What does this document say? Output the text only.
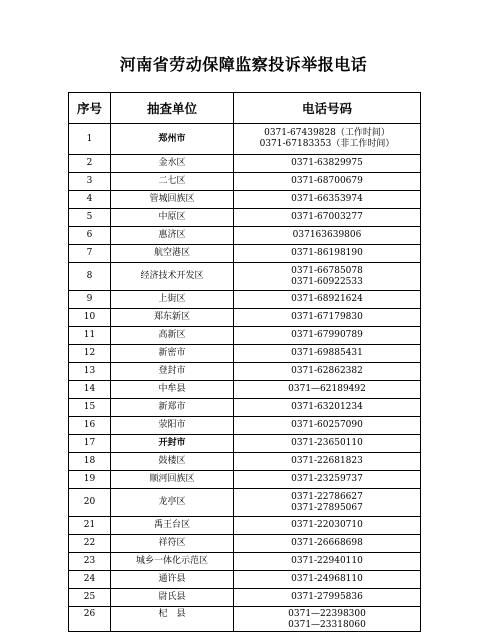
河南省劳动保障监察投诉举报电话
序号	抽查单位	电话号码
1	郑州市	0371-67439828（工作时间）
0371-67183353（非工作时间）

2	金水区	0371-63829975

3	二七区	0371-68700679

4	管城回族区	0371-66353974

5	中原区	0371-67003277

6	惠济区	037163639806

7	航空港区	0371-86198190

8	经济技术开发区	0371-66785078
0371-60922533

9	上街区	0371-68921624

10	郑东新区	0371-67179830

11	高新区	0371-67990789

12	新密市	0371-69885431

13	登封市	0371-62862382

14	中牟县	0371—62189492

15	新郑市	0371-63201234

16	荥阳市	0371-60257090

17	开封市	0371-23650110

18	鼓楼区	0371-22681823

19	顺河回族区	0371-23259737

20	龙亭区	0371-22786627
0371-27895067

21	禹王台区	0371-22030710

22	祥符区	0371-26668698

23	城乡一体化示范区	0371-22940110

24	通许县	0371-24968110

25	尉氏县	0371-27995836

26	杞　县	0371—22398300
0371—23318060
